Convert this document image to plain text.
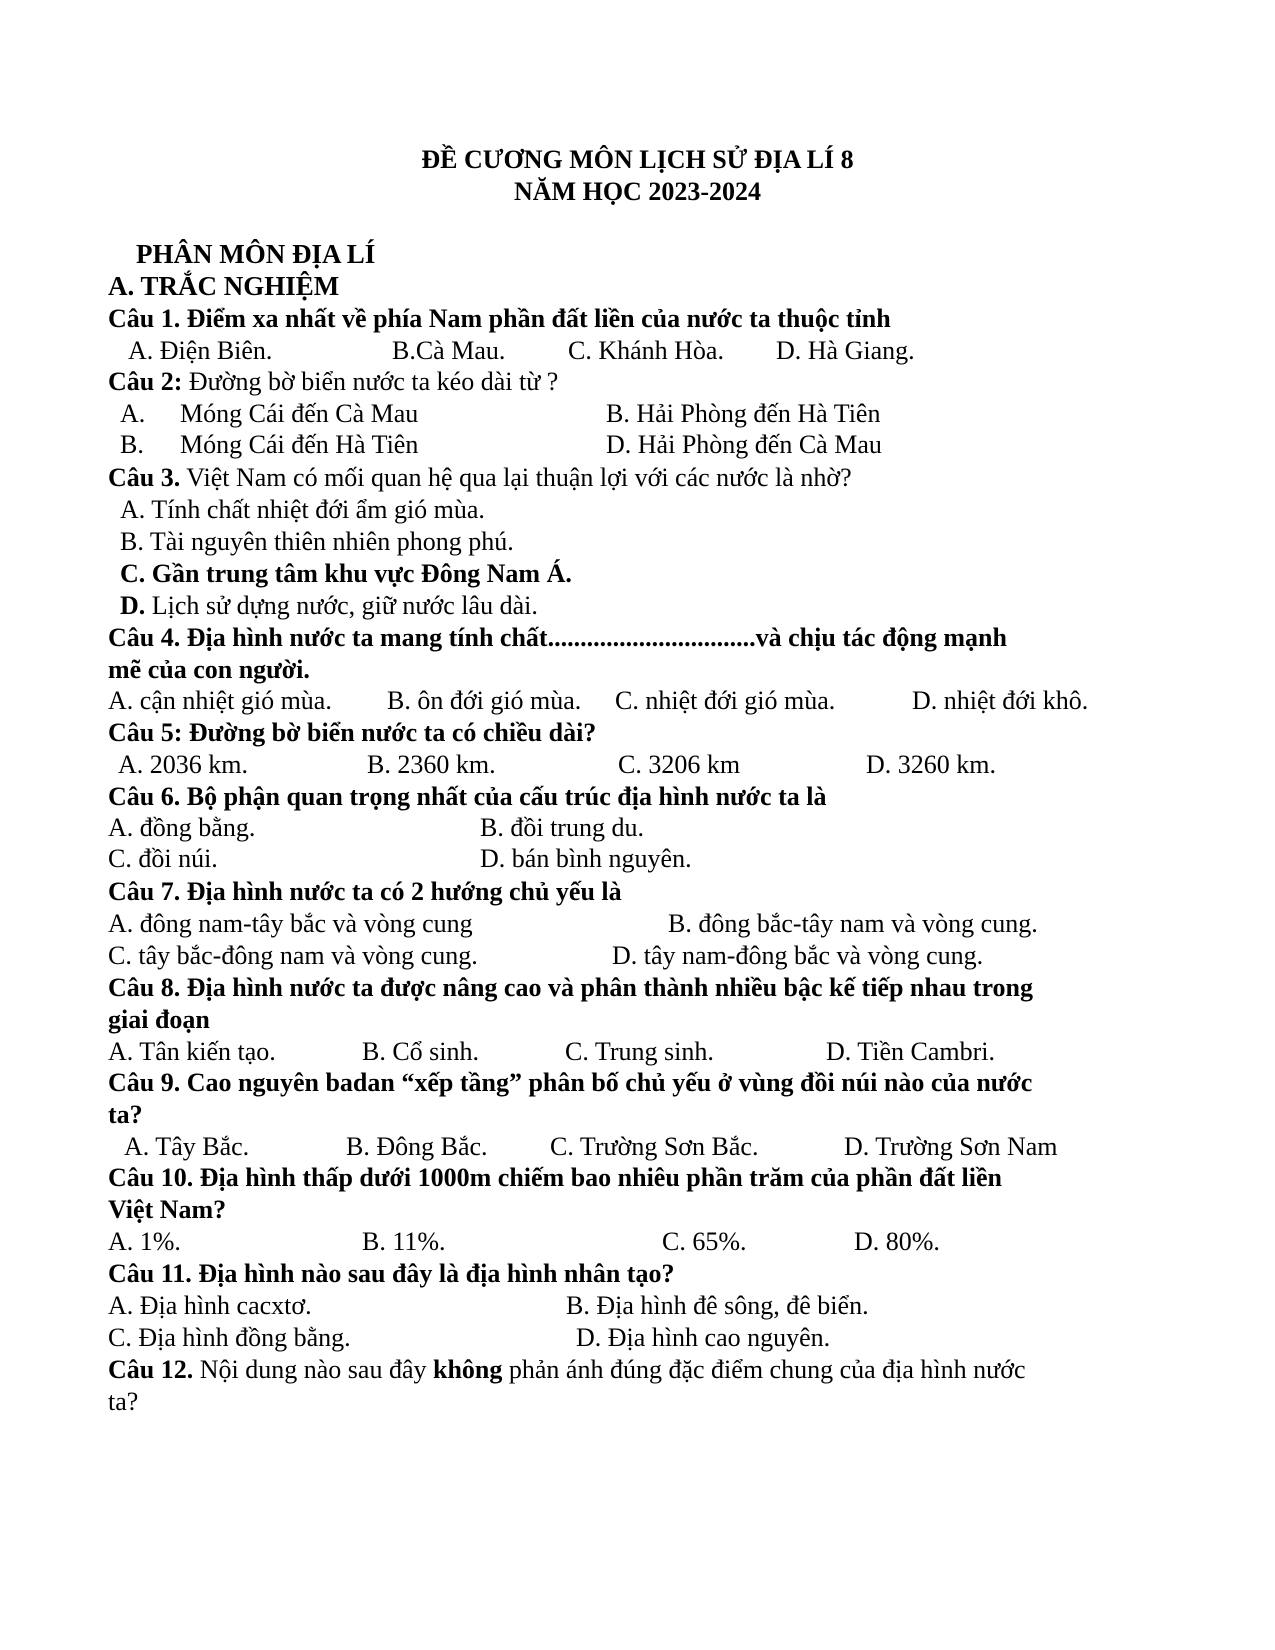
ĐỀ CƯƠNG MÔN LỊCH SỬ ĐỊA LÍ 8
NĂM HỌC 2023-2024
PHÂN MÔN ĐỊA LÍ
A. TRẮC NGHIỆM
Câu 1. Điểm xa nhất về phía Nam phần đất liền của nước ta thuộc tỉnh
A. Điện Biên.	B.Cà Mau. C. Khánh Hòa. D. Hà Giang.
Câu 2: Đường bờ biển nước ta kéo dài từ ?
A. Móng Cái đến Cà Mau	B. Hải Phòng đến Hà Tiên
B. Móng Cái đến Hà Tiên	D. Hải Phòng đến Cà Mau
Câu 3. Việt Nam có mối quan hệ qua lại thuận lợi với các nước là nhờ?
A. Tính chất nhiệt đới ẩm gió mùa.
B. Tài nguyên thiên nhiên phong phú.
C. Gần trung tâm khu vực Đông Nam Á.
D. Lịch sử dựng nước, giữ nước lâu dài.
Câu 4. Địa hình nước ta mang tính chất................................và chịu tác động mạnh
mẽ của con người.
A. cận nhiệt gió mùa. B. ôn đới gió mùa. C. nhiệt đới gió mùa.	D. nhiệt đới khô.
Câu 5: Đường bờ biển nước ta có chiều dài?
A. 2036 km.	B. 2360 km.	C. 3206 km	D. 3260 km.
Câu 6. Bộ phận quan trọng nhất của cấu trúc địa hình nước ta là
A. đồng bằng.	B. đồi trung du.
C. đồi núi.	D. bán bình nguyên.
Câu 7. Địa hình nước ta có 2 hướng chủ yếu là
A. đông nam-tây bắc và vòng cung	B. đông bắc-tây nam và vòng cung.
C. tây bắc-đông nam và vòng cung.	D. tây nam-đông bắc và vòng cung.
Câu 8. Địa hình nước ta được nâng cao và phân thành nhiều bậc kế tiếp nhau trong
giai đoạn
A. Tân kiến tạo.	B. Cổ sinh.	C. Trung sinh.	D. Tiền Cambri.
Câu 9. Cao nguyên badan “xếp tầng” phân bố chủ yếu ở vùng đồi núi nào của nước
ta?
A. Tây Bắc.	B. Đông Bắc. C. Trường Sơn Bắc.	D. Trường Sơn Nam
Câu 10. Địa hình thấp dưới 1000m chiếm bao nhiêu phần trăm của phần đất liền
Việt Nam?
A. 1%.	B. 11%.	C. 65%.	D. 80%.
Câu 11. Địa hình nào sau đây là địa hình nhân tạo?
A. Địa hình cacxtơ.	B. Địa hình đê sông, đê biển.
C. Địa hình đồng bằng.	D. Địa hình cao nguyên.
Câu 12. Nội dung nào sau đây không phản ánh đúng đặc điểm chung của địa hình nước
ta?
